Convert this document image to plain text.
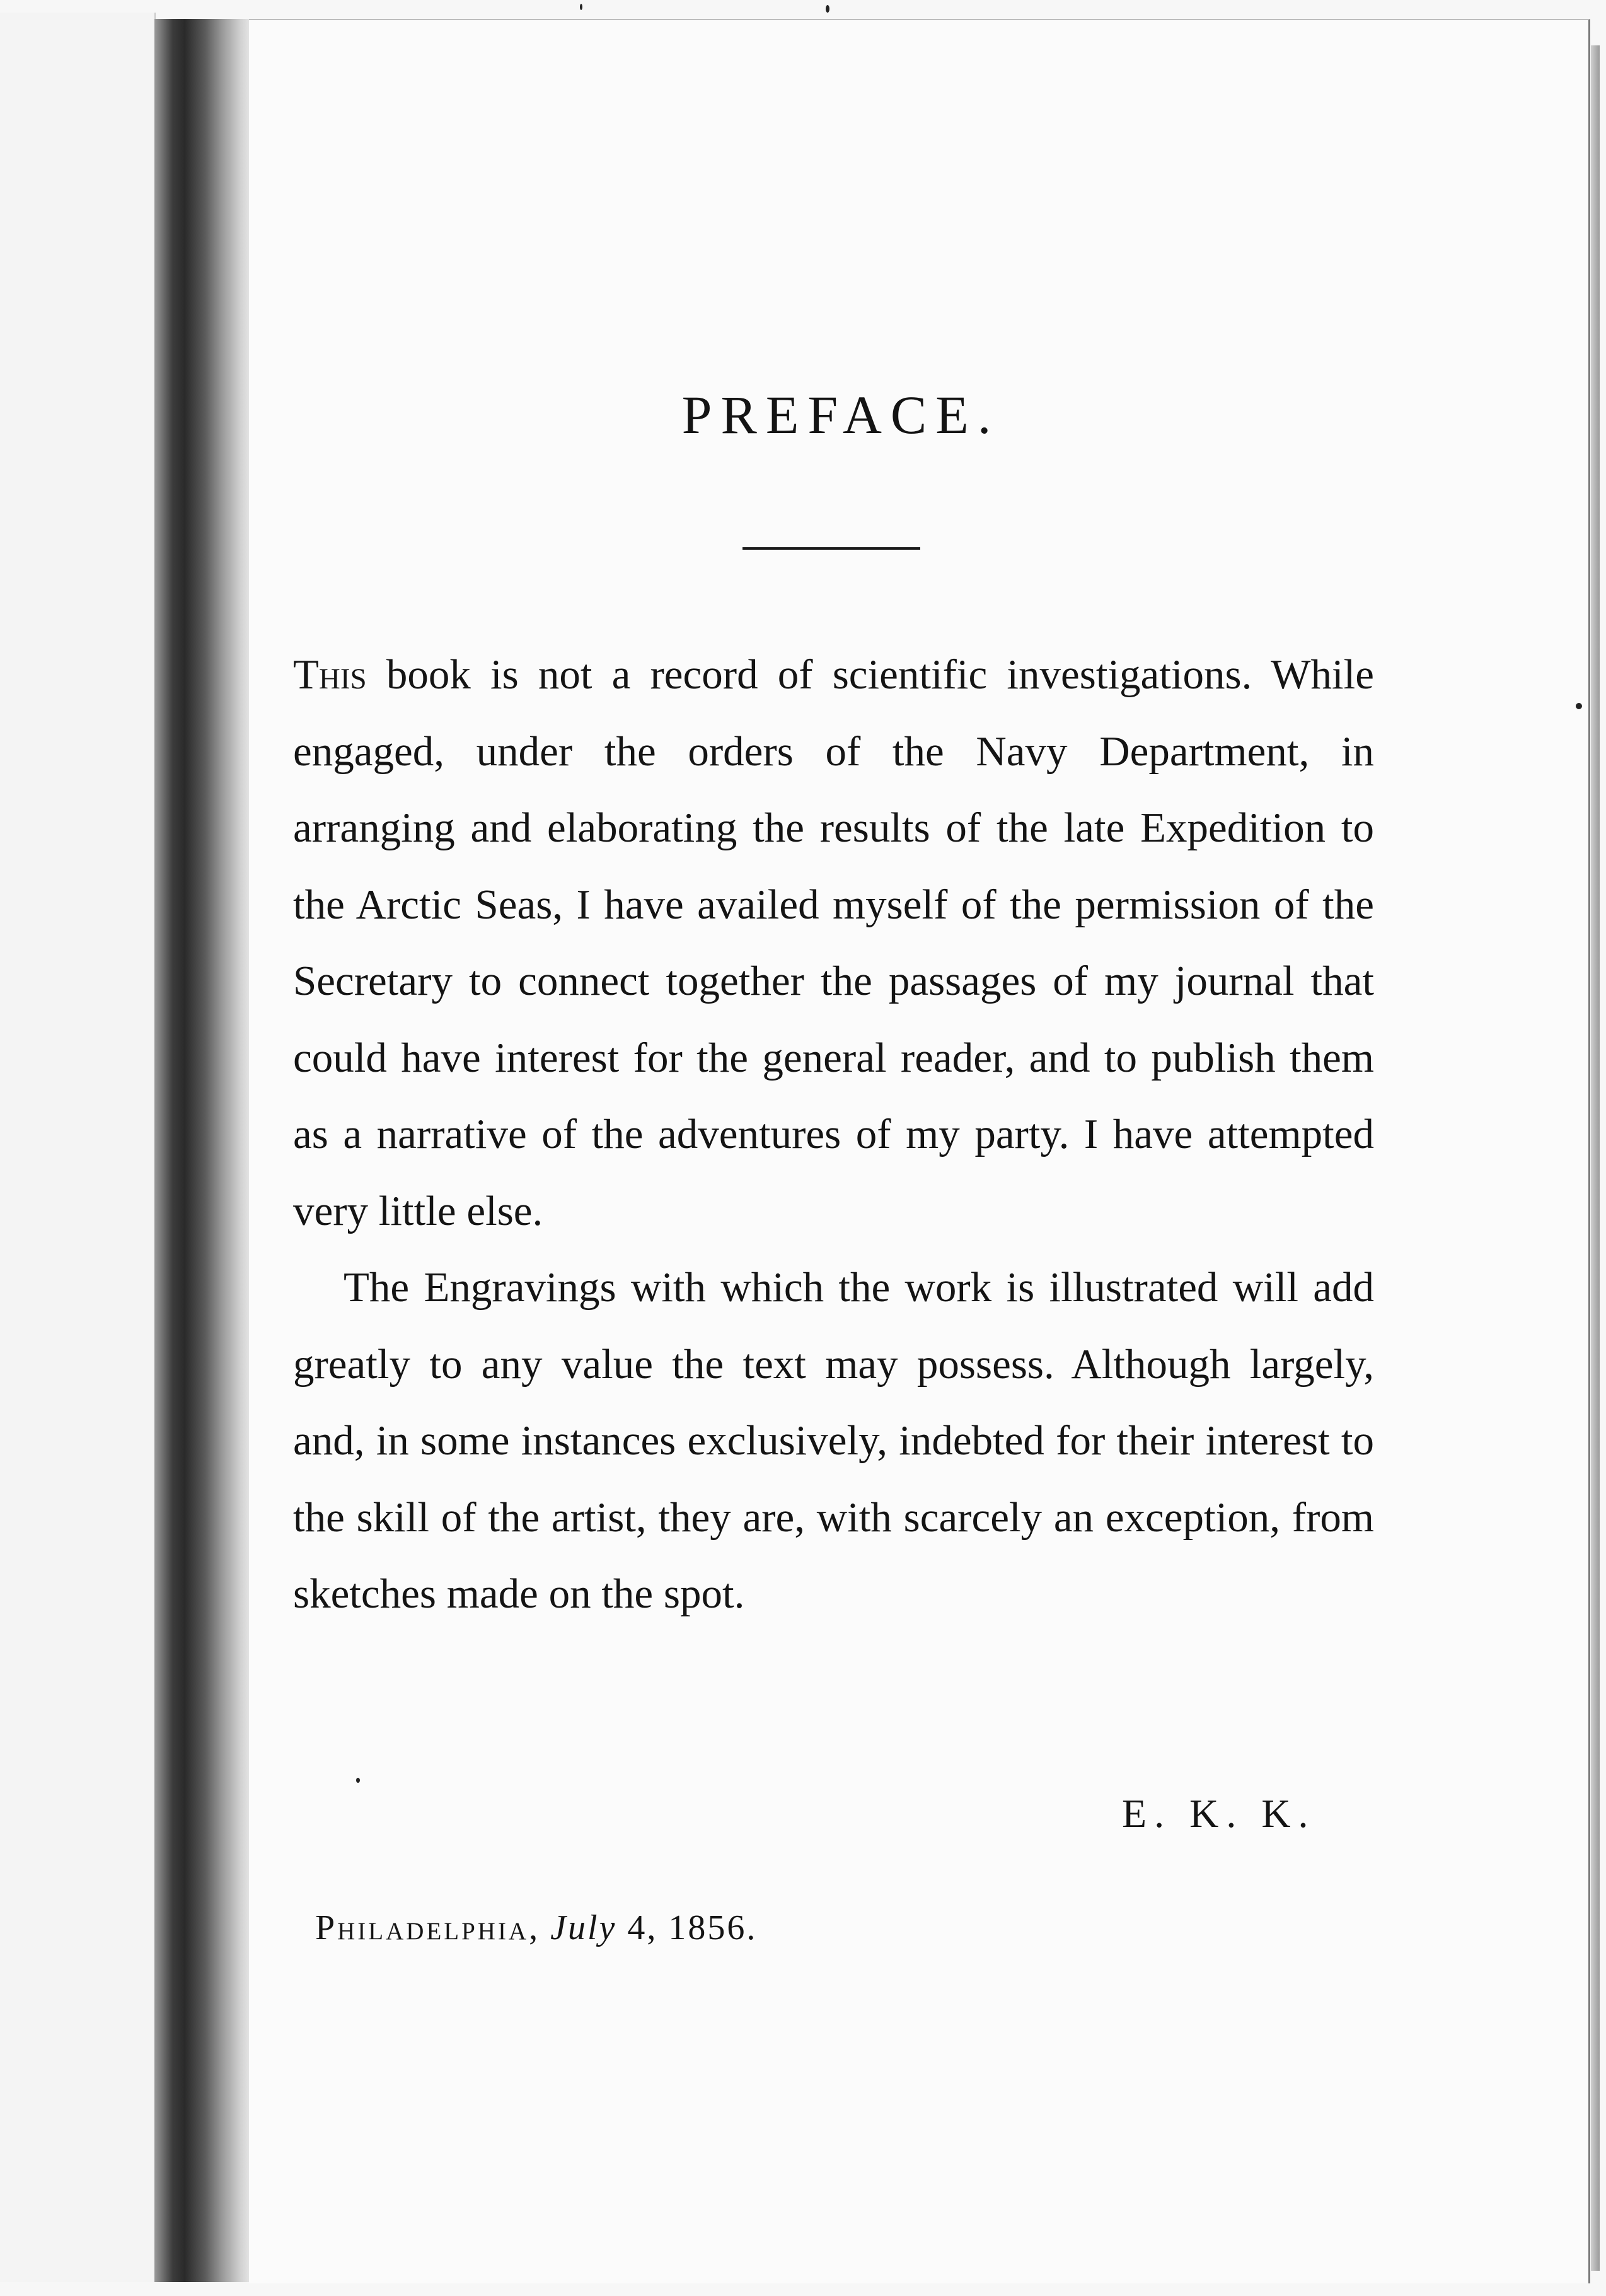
PREFACE.

This book is not a record of scientific investigations. While engaged, under the orders of the Navy Department, in arranging and elaborating the results of the late Expedition to the Arctic Seas, I have availed myself of the permission of the Secretary to connect together the passages of my journal that could have interest for the general reader, and to publish them as a narrative of the adventures of my party. I have attempted very little else.

The Engravings with which the work is illustrated will add greatly to any value the text may possess. Although largely, and, in some instances exclusively, indebted for their interest to the skill of the artist, they are, with scarcely an exception, from sketches made on the spot.

E. K. K.
Philadelphia, July 4, 1856.
